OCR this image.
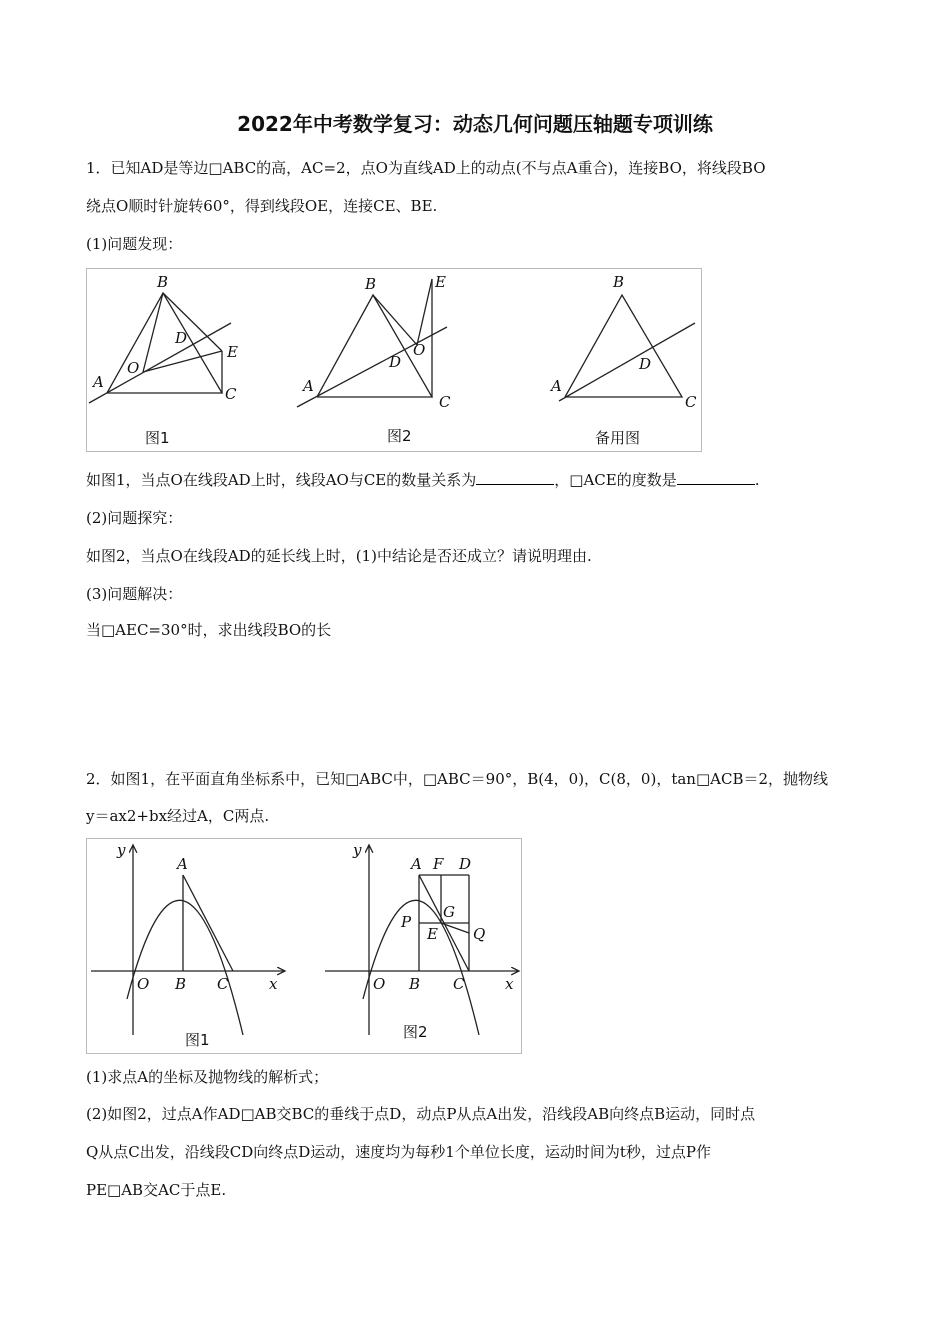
2022年中考数学复习：动态几何问题压轴题专项训练
1．已知AD是等边□ABC的高，AC=2，点O为直线AD上的动点(不与点A重合)，连接BO，将线段BO
绕点O顺时针旋转60°，得到线段OE，连接CE、BE.
(1)问题发现：
B
D
O
E
A
C
图1
B	E
D
O
A
C
图2
B
D
A
C
备用图
如图1，当点O在线段AD上时，线段AO与CE的数量关系为	，□ACE的度数是	.
(2)问题探究：
如图2，当点O在线段AD的延长线上时，(1)中结论是否还成立？请说明理由.
(3)问题解决：
当□AEC=30°时，求出线段BO的长
2．如图1，在平面直角坐标系中，已知□ABC中，□ABC＝90°，B(4，0)，C(8，0)，tan□ACB＝2，抛物线
y＝ax2+bx经过A，C两点.
y
A
O B C	x
图1
y
A F D
G
P
E Q
O B C	x
图2
(1)求点A的坐标及抛物线的解析式；
(2)如图2，过点A作AD□AB交BC的垂线于点D，动点P从点A出发，沿线段AB向终点B运动，同时点
Q从点C出发，沿线段CD向终点D运动，速度均为每秒1个单位长度，运动时间为t秒，过点P作
PE□AB交AC于点E.
